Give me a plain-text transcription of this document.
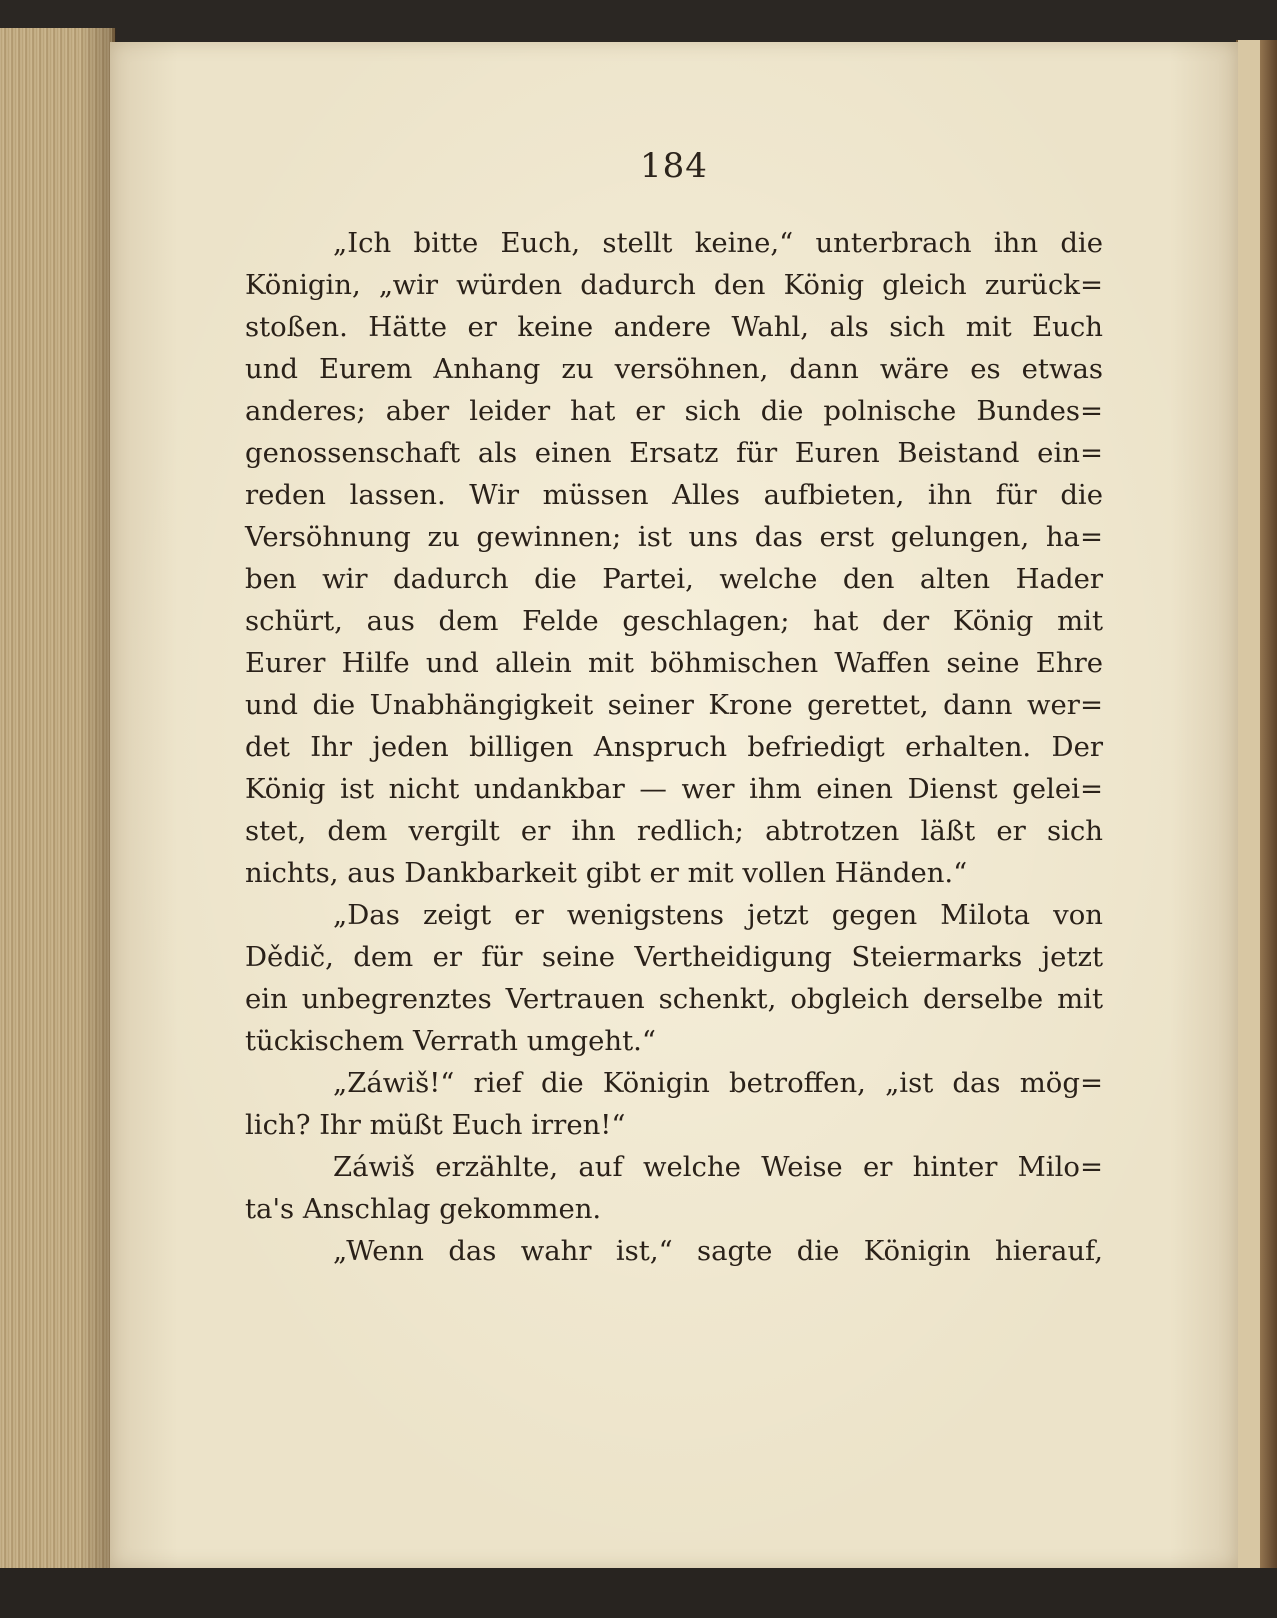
184
„Ich bitte Euch, stellt keine,“ unterbrach ihn die
Königin, „wir würden dadurch den König gleich zurück=
stoßen. Hätte er keine andere Wahl, als sich mit Euch
und Eurem Anhang zu versöhnen, dann wäre es etwas
anderes; aber leider hat er sich die polnische Bundes=
genossenschaft als einen Ersatz für Euren Beistand ein=
reden lassen. Wir müssen Alles aufbieten, ihn für die
Versöhnung zu gewinnen; ist uns das erst gelungen, ha=
ben wir dadurch die Partei, welche den alten Hader
schürt, aus dem Felde geschlagen; hat der König mit
Eurer Hilfe und allein mit böhmischen Waffen seine Ehre
und die Unabhängigkeit seiner Krone gerettet, dann wer=
det Ihr jeden billigen Anspruch befriedigt erhalten. Der
König ist nicht undankbar — wer ihm einen Dienst gelei=
stet, dem vergilt er ihn redlich; abtrotzen läßt er sich
nichts, aus Dankbarkeit gibt er mit vollen Händen.“
„Das zeigt er wenigstens jetzt gegen Milota von
Dědič, dem er für seine Vertheidigung Steiermarks jetzt
ein unbegrenztes Vertrauen schenkt, obgleich derselbe mit
tückischem Verrath umgeht.“
„Záwiš!“ rief die Königin betroffen, „ist das mög=
lich? Ihr müßt Euch irren!“
Záwiš erzählte, auf welche Weise er hinter Milo=
ta's Anschlag gekommen.
„Wenn das wahr ist,“ sagte die Königin hierauf,
